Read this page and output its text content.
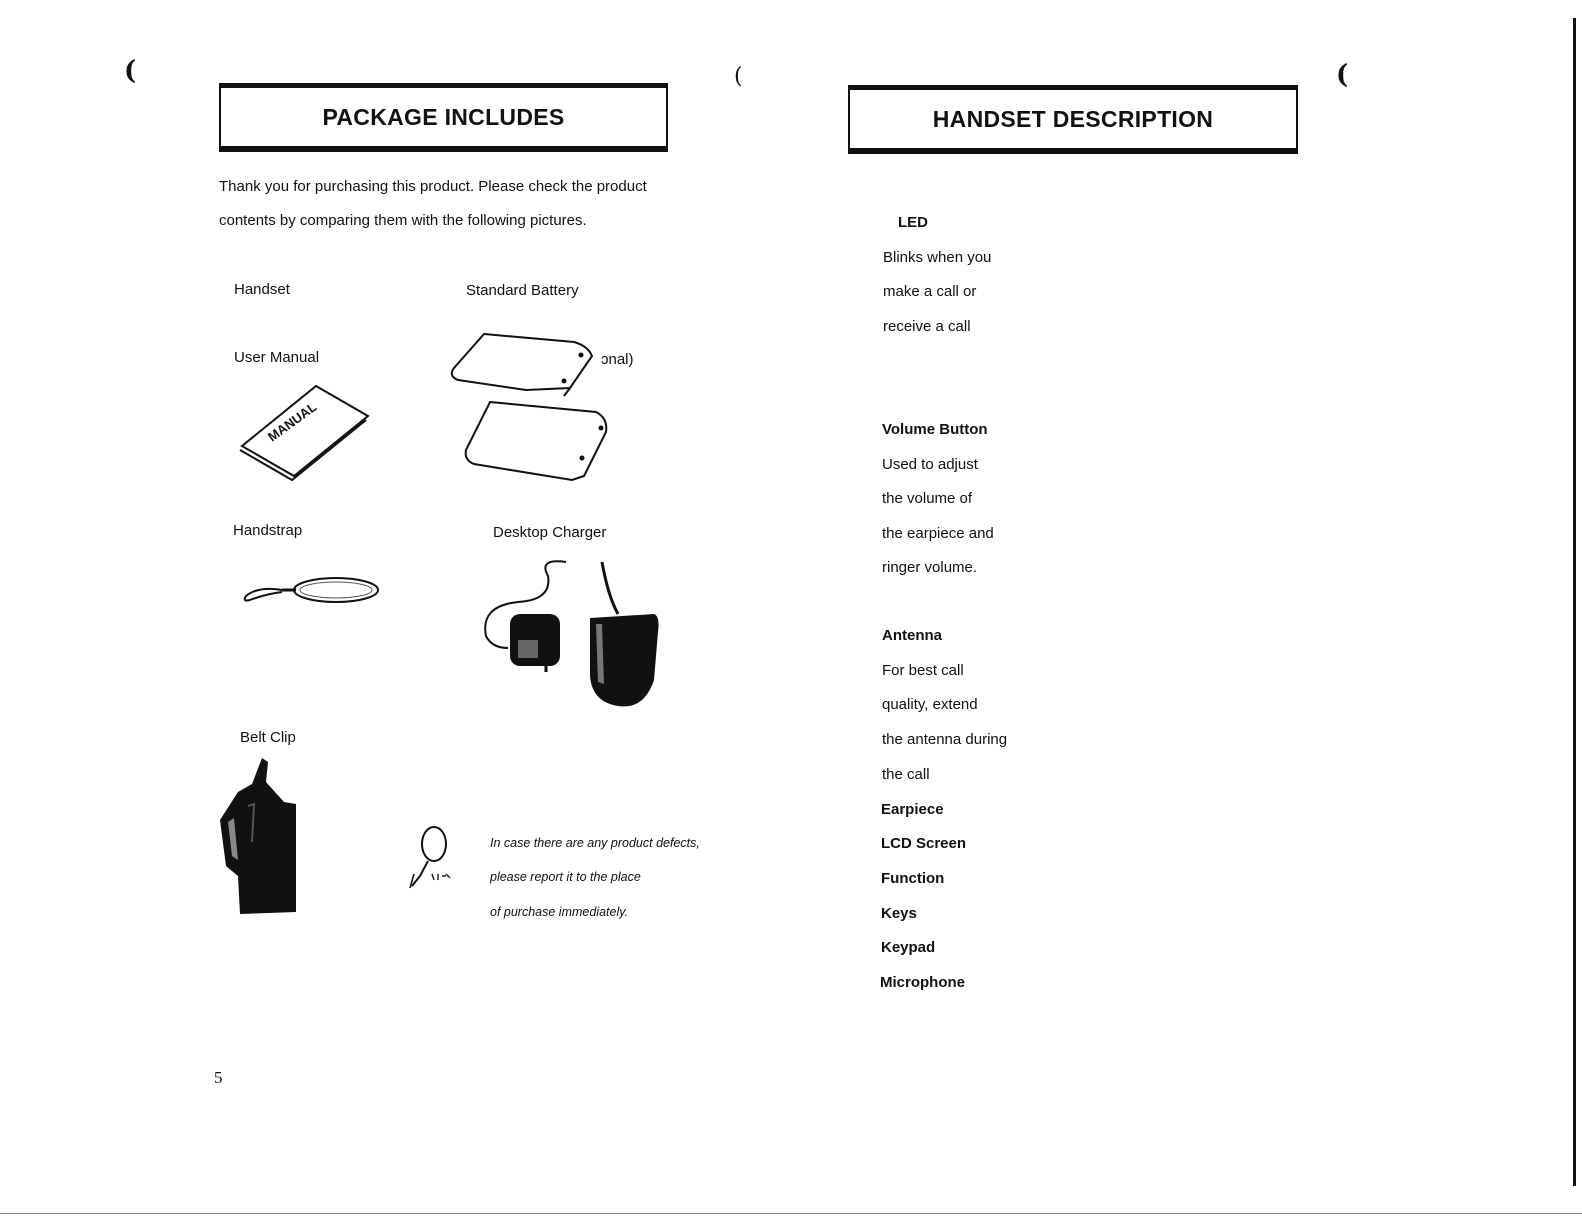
(	(	(
PACKAGE INCLUDES
Thank you for purchasing this product. Please check the product
contents by comparing them with the following pictures.
Handset	Standard Battery
User Manual	ɔnal)
MANUAL
Handstrap	Desktop Charger
Belt Clip
In case there are any product defects,
please report it to the place
of purchase immediately.
5
HANDSET DESCRIPTION
LED
Blinks when you
make a call or
receive a call
Volume Button
Used to adjust
the volume of
the earpiece and
ringer volume.
Antenna
For best call
quality, extend
the antenna during
the call
Earpiece
LCD Screen
Function
Keys
Keypad
Microphone
